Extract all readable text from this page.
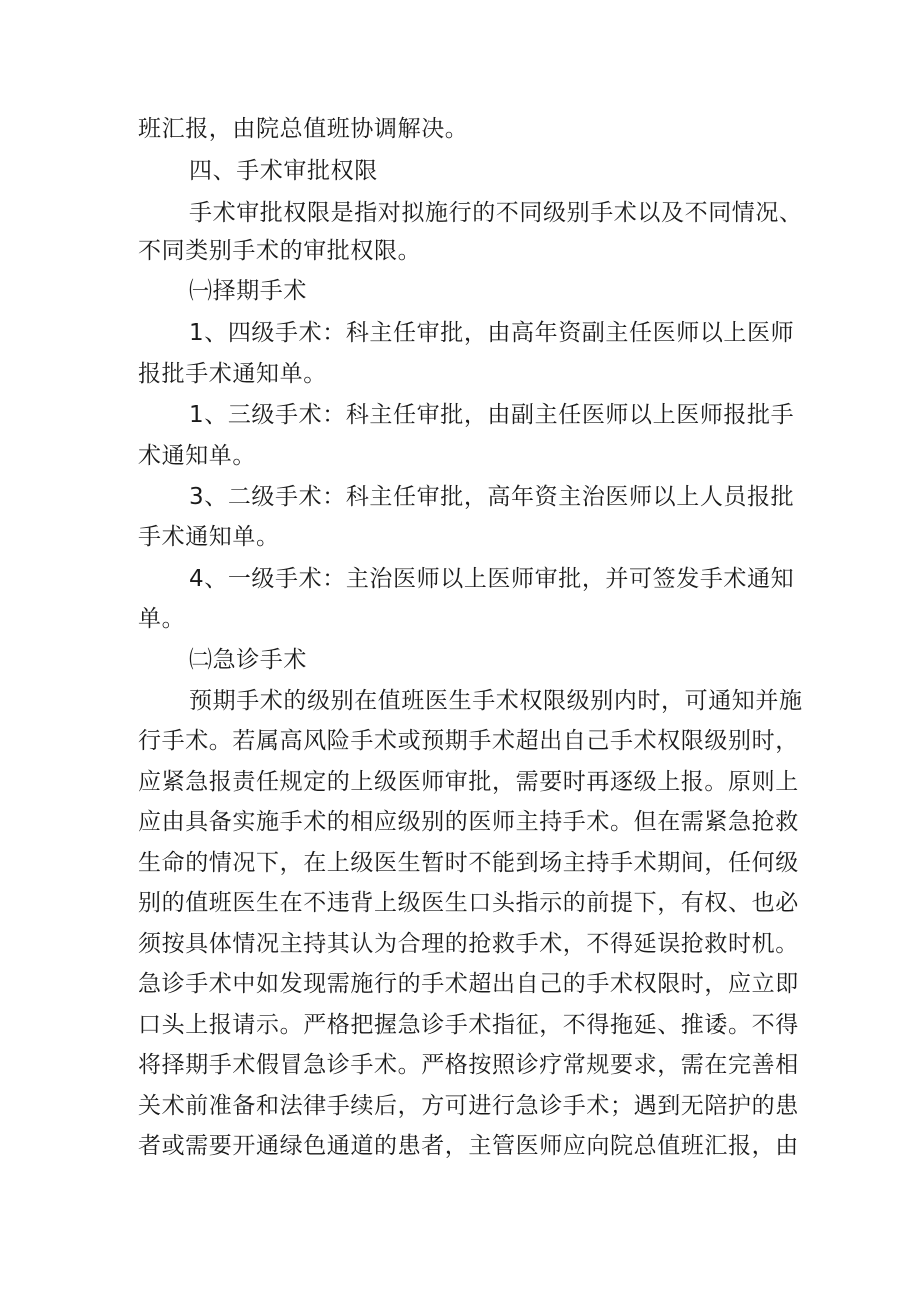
班汇报，由院总值班协调解决。
四、手术审批权限
手术审批权限是指对拟施行的不同级别手术以及不同情况、
不同类别手术的审批权限。
㈠择期手术
1、四级手术：科主任审批，由高年资副主任医师以上医师
报批手术通知单。
1、三级手术：科主任审批，由副主任医师以上医师报批手
术通知单。
3、二级手术：科主任审批，高年资主治医师以上人员报批
手术通知单。
4、一级手术：主治医师以上医师审批，并可签发手术通知
单。
㈡急诊手术
预期手术的级别在值班医生手术权限级别内时，可通知并施
行手术。若属高风险手术或预期手术超出自己手术权限级别时，
应紧急报责任规定的上级医师审批，需要时再逐级上报。原则上
应由具备实施手术的相应级别的医师主持手术。但在需紧急抢救
生命的情况下，在上级医生暂时不能到场主持手术期间，任何级
别的值班医生在不违背上级医生口头指示的前提下，有权、也必
须按具体情况主持其认为合理的抢救手术，不得延误抢救时机。
急诊手术中如发现需施行的手术超出自己的手术权限时，应立即
口头上报请示。严格把握急诊手术指征，不得拖延、推诿。不得
将择期手术假冒急诊手术。严格按照诊疗常规要求，需在完善相
关术前准备和法律手续后，方可进行急诊手术；遇到无陪护的患
者或需要开通绿色通道的患者，主管医师应向院总值班汇报，由
